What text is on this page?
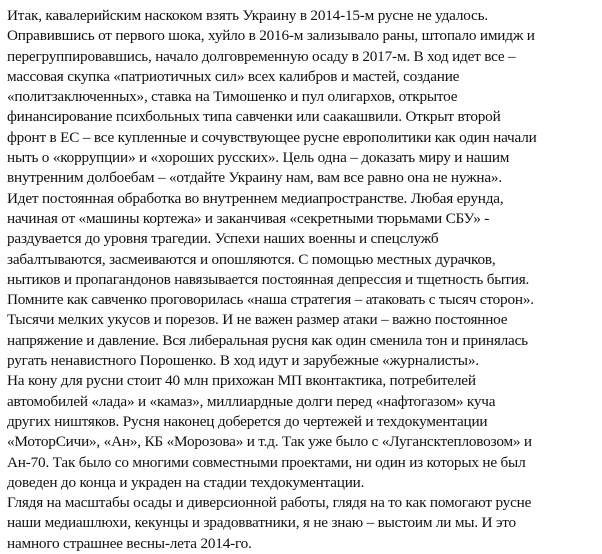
Итак, кавалерийским наскоком взять Украину в 2014-15-м русне не удалось.
Оправившись от первого шока, хуйло в 2016-м зализывало раны, штопало имидж и
перегруппировавшись, начало долговременную осаду в 2017-м. В ход идет все –
массовая скупка «патриотичных сил» всех калибров и мастей, создание
«политзаключенных», ставка на Тимошенко и пул олигархов, открытое
финансирование психбольных типа савченки или саакашвили. Открыт второй
фронт в ЕС – все купленные и сочувствующее русне европолитики как один начали
ныть о «коррупции» и «хороших русских». Цель одна – доказать миру и нашим
внутренним долбоебам – «отдайте Украину нам, вам все равно она не нужна».
Идет постоянная обработка во внутреннем медиапространстве. Любая ерунда,
начиная от «машины кортежа» и заканчивая «секретными тюрьмами СБУ» -
раздувается до уровня трагедии. Успехи наших военны и спецслужб
забалтываются, засмеиваются и опошляются. С помощью местных дурачков,
нытиков и пропагандонов навязывается постоянная депрессия и тщетность бытия.
Помните как савченко проговорилась «наша стратегия – атаковать с тысяч сторон».
Тысячи мелких укусов и порезов. И не важен размер атаки – важно постоянное
напряжение и давление. Вся либеральная русня как один сменила тон и принялась
ругать ненавистного Порошенко. В ход идут и зарубежные «журналисты».
На кону для русни стоит 40 млн прихожан МП вконтактика, потребителей
автомобилей «лада» и «камаз», миллиардные долги перед «нафтогазом» куча
других ништяков. Русня наконец доберется до чертежей и техдокументации
«МоторСичи», «Ан», КБ «Морозова» и т.д. Так уже было с «Лугансктепловозом» и
Ан-70. Так было со многими совместными проектами, ни один из которых не был
доведен до конца и украден на стадии техдокументации.
Глядя на масштабы осады и диверсионной работы, глядя на то как помогают русне
наши медиашлюхи, кекунцы и зрадовватники, я не знаю – выстоим ли мы. И это
намного страшнее весны-лета 2014-го.
